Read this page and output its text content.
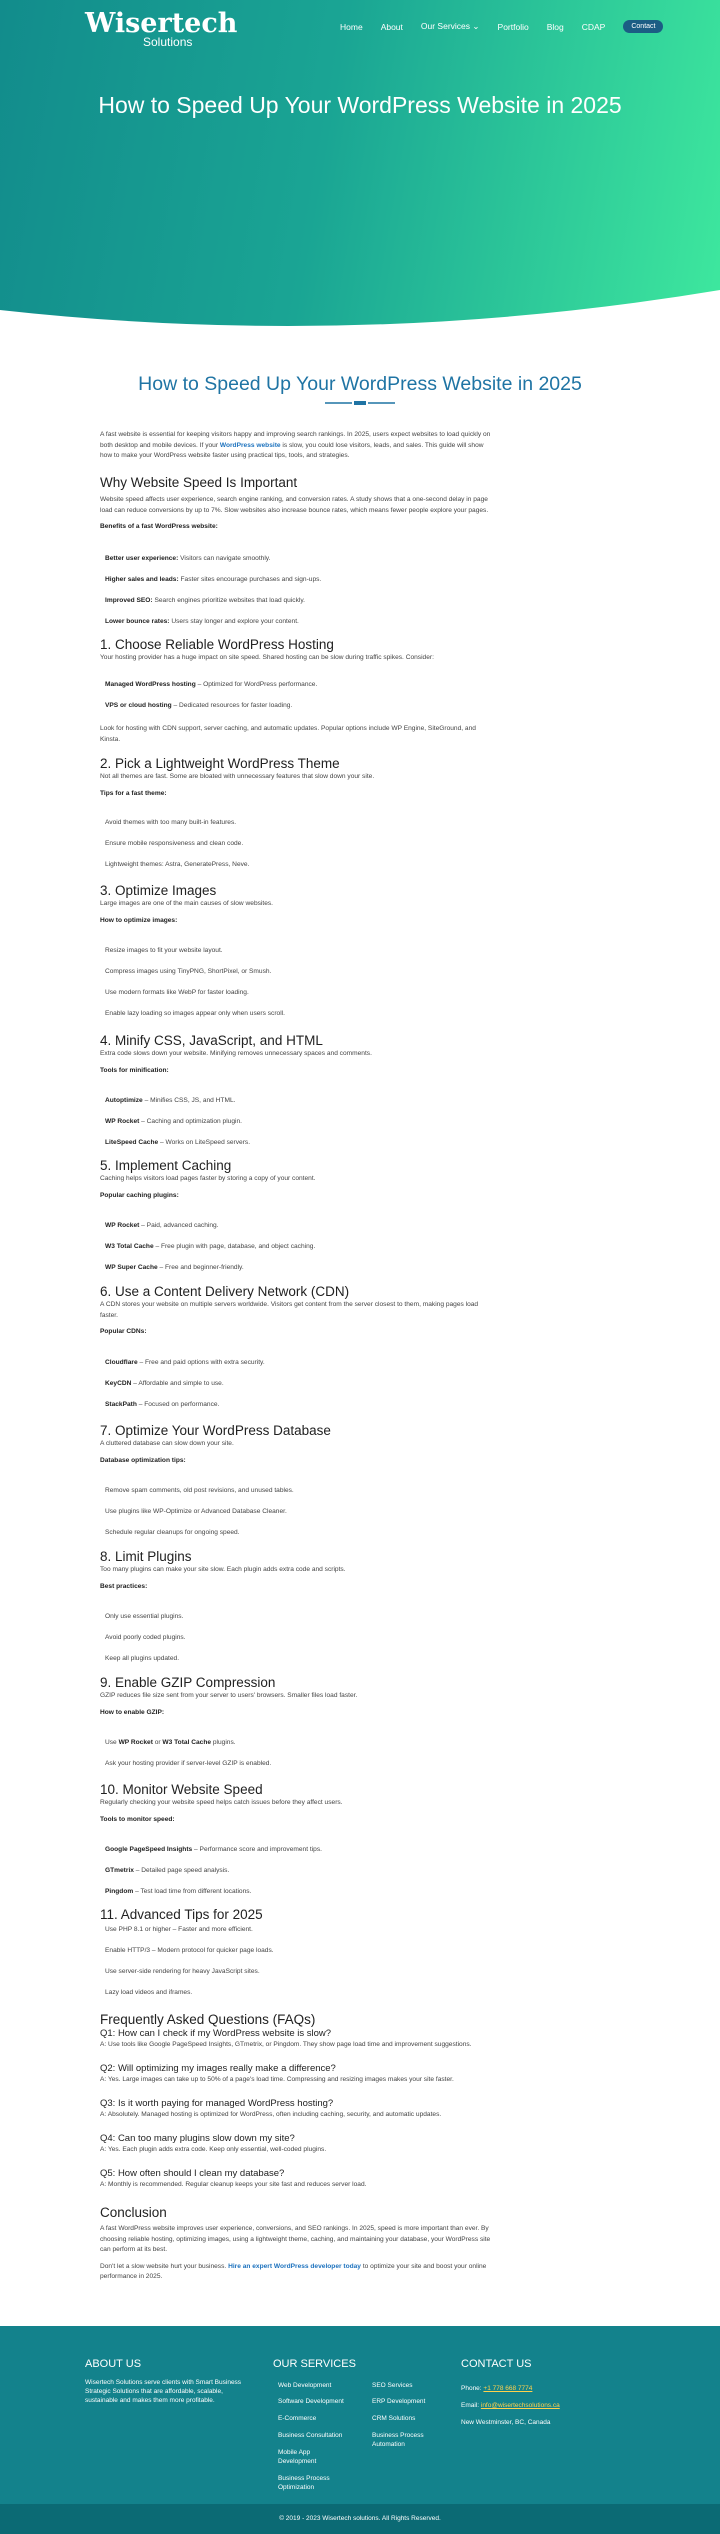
Wisertech
Solutions
Home About Our Services ⌄ Portfolio Blog CDAP	Contact
How to Speed Up Your WordPress Website in 2025
How to Speed Up Your WordPress Website in 2025

A fast website is essential for keeping visitors happy and improving search rankings. In 2025, users expect websites to load quickly on both desktop and mobile devices. If your WordPress website is slow, you could lose visitors, leads, and sales. This guide will show how to make your WordPress website faster using practical tips, tools, and strategies.

Why Website Speed Is Important

Website speed affects user experience, search engine ranking, and conversion rates. A study shows that a one-second delay in page load can reduce conversions by up to 7%. Slow websites also increase bounce rates, which means fewer people explore your pages.

Benefits of a fast WordPress website:

Better user experience: Visitors can navigate smoothly.

Higher sales and leads: Faster sites encourage purchases and sign-ups.

Improved SEO: Search engines prioritize websites that load quickly.

Lower bounce rates: Users stay longer and explore your content.

1. Choose Reliable WordPress Hosting

Your hosting provider has a huge impact on site speed. Shared hosting can be slow during traffic spikes. Consider:

Managed WordPress hosting – Optimized for WordPress performance.

VPS or cloud hosting – Dedicated resources for faster loading.

Look for hosting with CDN support, server caching, and automatic updates. Popular options include WP Engine, SiteGround, and Kinsta.

2. Pick a Lightweight WordPress Theme

Not all themes are fast. Some are bloated with unnecessary features that slow down your site.

Tips for a fast theme:

Avoid themes with too many built-in features.

Ensure mobile responsiveness and clean code.

Lightweight themes: Astra, GeneratePress, Neve.

3. Optimize Images

Large images are one of the main causes of slow websites.

How to optimize images:

Resize images to fit your website layout.

Compress images using TinyPNG, ShortPixel, or Smush.

Use modern formats like WebP for faster loading.

Enable lazy loading so images appear only when users scroll.

4. Minify CSS, JavaScript, and HTML

Extra code slows down your website. Minifying removes unnecessary spaces and comments.

Tools for minification:

Autoptimize – Minifies CSS, JS, and HTML.

WP Rocket – Caching and optimization plugin.

LiteSpeed Cache – Works on LiteSpeed servers.

5. Implement Caching

Caching helps visitors load pages faster by storing a copy of your content.

Popular caching plugins:

WP Rocket – Paid, advanced caching.

W3 Total Cache – Free plugin with page, database, and object caching.

WP Super Cache – Free and beginner-friendly.

6. Use a Content Delivery Network (CDN)

A CDN stores your website on multiple servers worldwide. Visitors get content from the server closest to them, making pages load faster.

Popular CDNs:

Cloudflare – Free and paid options with extra security.

KeyCDN – Affordable and simple to use.

StackPath – Focused on performance.

7. Optimize Your WordPress Database

A cluttered database can slow down your site.

Database optimization tips:

Remove spam comments, old post revisions, and unused tables.

Use plugins like WP-Optimize or Advanced Database Cleaner.

Schedule regular cleanups for ongoing speed.

8. Limit Plugins

Too many plugins can make your site slow. Each plugin adds extra code and scripts.

Best practices:

Only use essential plugins.

Avoid poorly coded plugins.

Keep all plugins updated.

9. Enable GZIP Compression

GZIP reduces file size sent from your server to users' browsers. Smaller files load faster.

How to enable GZIP:

Use WP Rocket or W3 Total Cache plugins.

Ask your hosting provider if server-level GZIP is enabled.

10. Monitor Website Speed

Regularly checking your website speed helps catch issues before they affect users.

Tools to monitor speed:

Google PageSpeed Insights – Performance score and improvement tips.

GTmetrix – Detailed page speed analysis.

Pingdom – Test load time from different locations.

11. Advanced Tips for 2025

Use PHP 8.1 or higher – Faster and more efficient.

Enable HTTP/3 – Modern protocol for quicker page loads.

Use server-side rendering for heavy JavaScript sites.

Lazy load videos and iframes.

Frequently Asked Questions (FAQs)
Q1: How can I check if my WordPress website is slow?

A: Use tools like Google PageSpeed Insights, GTmetrix, or Pingdom. They show page load time and improvement suggestions.

Q2: Will optimizing my images really make a difference?

A: Yes. Large images can take up to 50% of a page's load time. Compressing and resizing images makes your site faster.

Q3: Is it worth paying for managed WordPress hosting?

A: Absolutely. Managed hosting is optimized for WordPress, often including caching, security, and automatic updates.

Q4: Can too many plugins slow down my site?

A: Yes. Each plugin adds extra code. Keep only essential, well-coded plugins.

Q5: How often should I clean my database?

A: Monthly is recommended. Regular cleanup keeps your site fast and reduces server load.

Conclusion

A fast WordPress website improves user experience, conversions, and SEO rankings. In 2025, speed is more important than ever. By choosing reliable hosting, optimizing images, using a lightweight theme, caching, and maintaining your database, your WordPress site can perform at its best.

Don't let a slow website hurt your business. Hire an expert WordPress developer today to optimize your site and boost your online performance in 2025.

ABOUT US
Wisertech Solutions serve clients with Smart Business Strategic Solutions that are affordable, scalable, sustainable and makes them more profitable.
OUR SERVICES
Web Development
Software Development
E-Commerce
Business Consultation
Mobile App Development
Business Process Optimization
SEO Services
ERP Development
CRM Solutions
Business Process Automation
CONTACT US
Phone: +1 778 668 7774
Email: info@wisertechsolutions.ca
New Westminster, BC, Canada
© 2019 - 2023 Wisertech solutions. All Rights Reserved.
